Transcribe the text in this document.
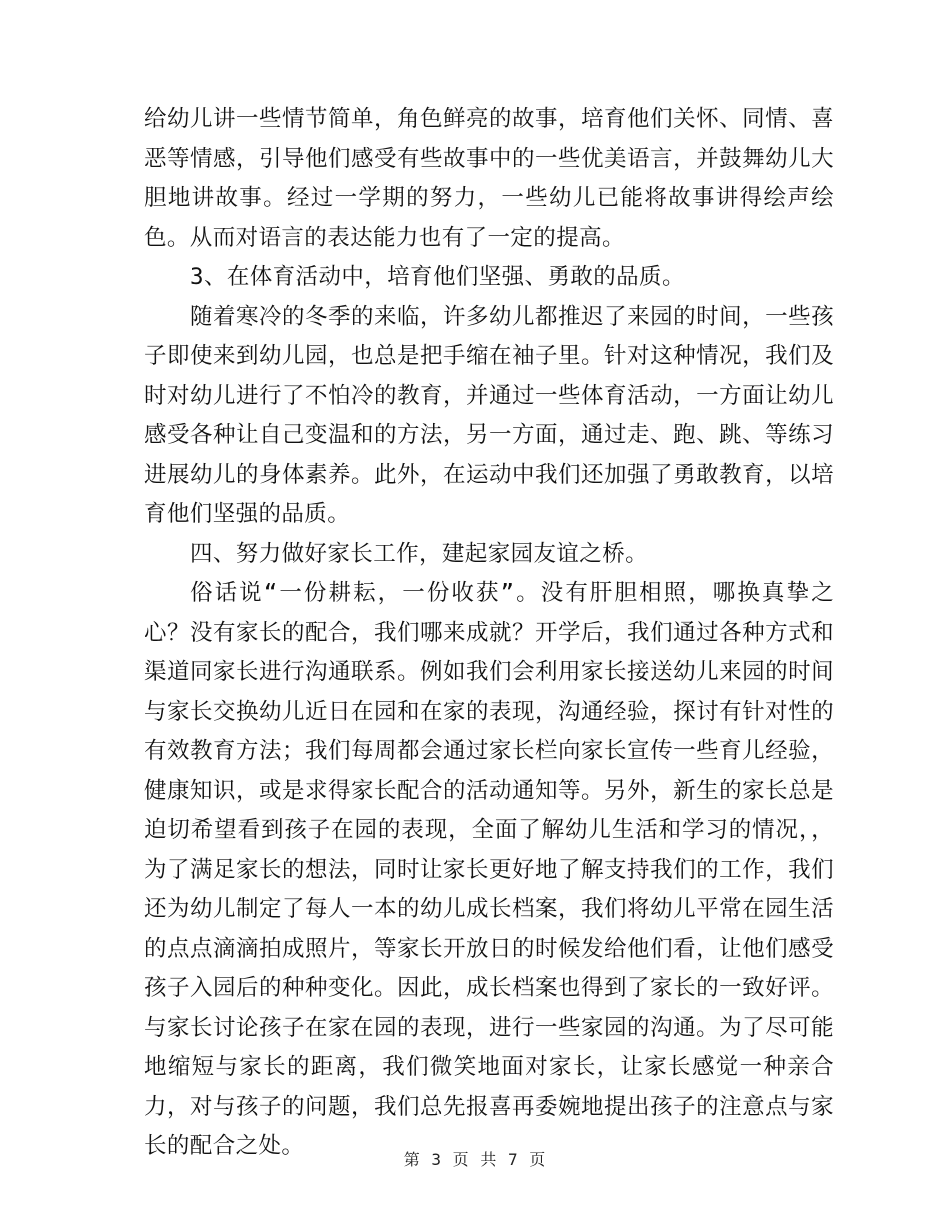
给幼儿讲一些情节简单，角色鲜亮的故事，培育他们关怀、同情、喜恶等情感，引导他们感受有些故事中的一些优美语言，并鼓舞幼儿大胆地讲故事。经过一学期的努力，一些幼儿已能将故事讲得绘声绘色。从而对语言的表达能力也有了一定的提高。

3、在体育活动中，培育他们坚强、勇敢的品质。

随着寒冷的冬季的来临，许多幼儿都推迟了来园的时间，一些孩子即使来到幼儿园，也总是把手缩在袖子里。针对这种情况，我们及时对幼儿进行了不怕冷的教育，并通过一些体育活动，一方面让幼儿感受各种让自己变温和的方法，另一方面，通过走、跑、跳、等练习进展幼儿的身体素养。此外，在运动中我们还加强了勇敢教育，以培育他们坚强的品质。

四、努力做好家长工作，建起家园友谊之桥。

俗话说“一份耕耘，一份收获”。没有肝胆相照，哪换真挚之心？没有家长的配合，我们哪来成就？开学后，我们通过各种方式和渠道同家长进行沟通联系。例如我们会利用家长接送幼儿来园的时间与家长交换幼儿近日在园和在家的表现，沟通经验，探讨有针对性的有效教育方法；我们每周都会通过家长栏向家长宣传一些育儿经验，健康知识，或是求得家长配合的活动通知等。另外，新生的家长总是迫切希望看到孩子在园的表现，全面了解幼儿生活和学习的情况，，为了满足家长的想法，同时让家长更好地了解支持我们的工作，我们还为幼儿制定了每人一本的幼儿成长档案，我们将幼儿平常在园生活的点点滴滴拍成照片，等家长开放日的时候发给他们看，让他们感受孩子入园后的种种变化。因此，成长档案也得到了家长的一致好评。与家长讨论孩子在家在园的表现，进行一些家园的沟通。为了尽可能地缩短与家长的距离，我们微笑地面对家长，让家长感觉一种亲合力，对与孩子的问题，我们总先报喜再委婉地提出孩子的注意点与家长的配合之处。

第 3 页 共 7 页
